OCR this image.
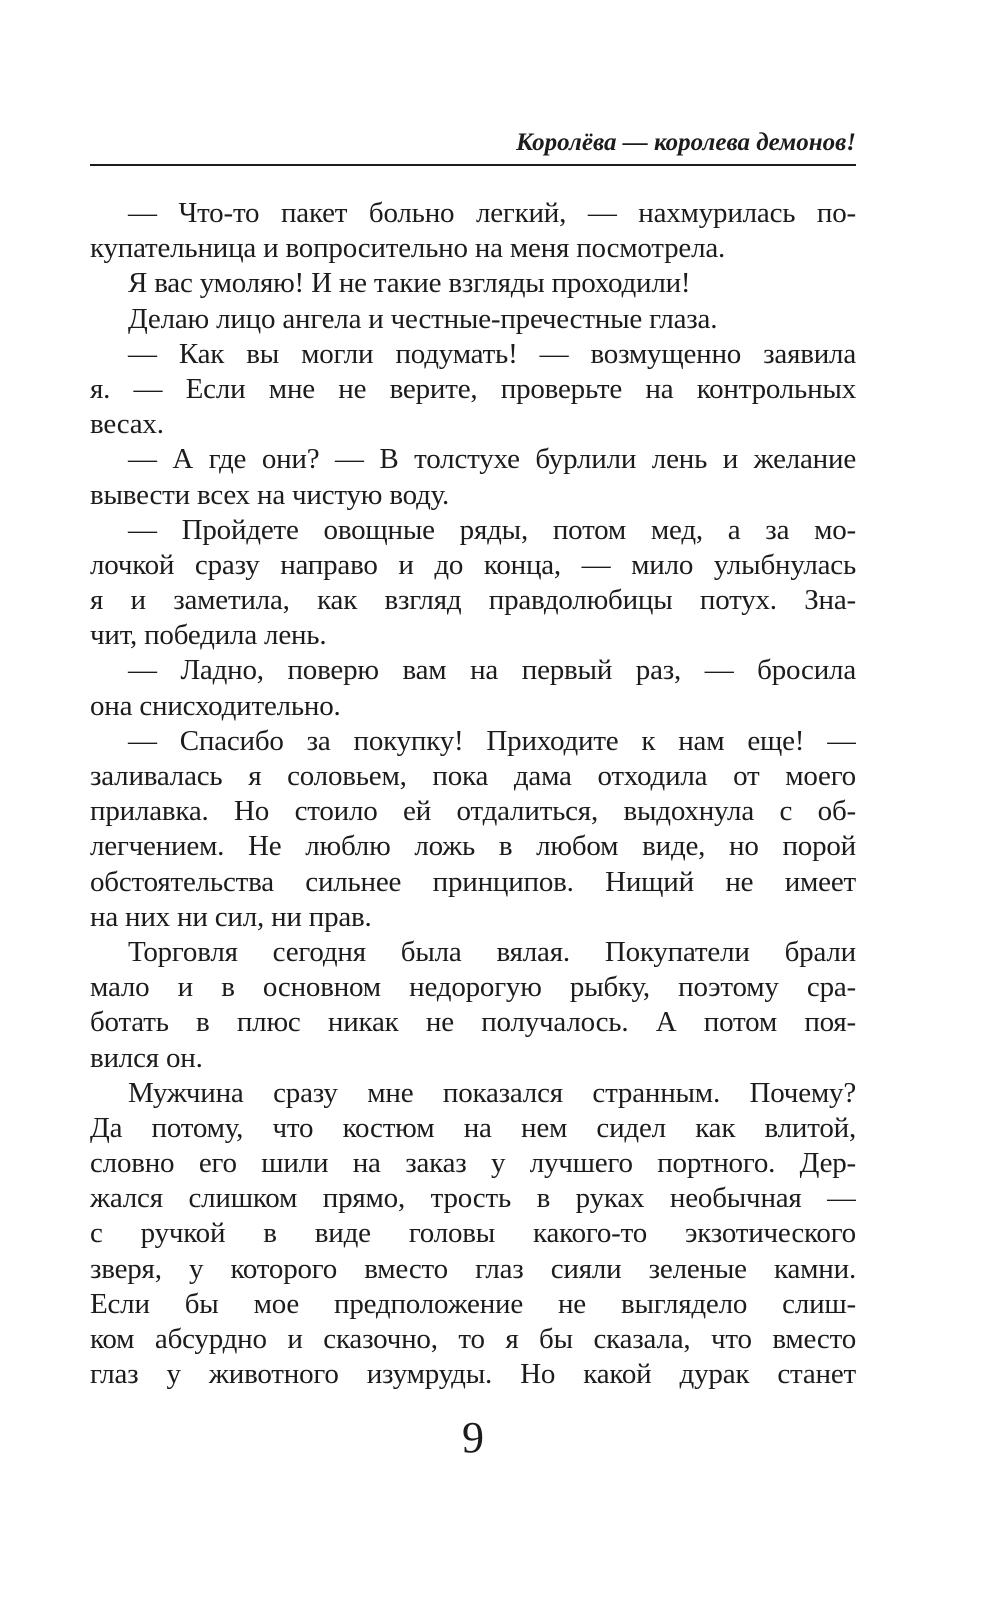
Королёва — королева демонов!
— Что-то пакет больно легкий, — нахмурилась по-
купательница и вопросительно на меня посмотрела.
Я вас умоляю! И не такие взгляды проходили!
Делаю лицо ангела и честные-пречестные глаза.
— Как вы могли подумать! — возмущенно заявила
я. — Если мне не верите, проверьте на контрольных
весах.
— А где они? — В толстухе бурлили лень и желание
вывести всех на чистую воду.
— Пройдете овощные ряды, потом мед, а за мо-
лочкой сразу направо и до конца, — мило улыбнулась
я и заметила, как взгляд правдолюбицы потух. Зна-
чит, победила лень.
— Ладно, поверю вам на первый раз, — бросила
она снисходительно.
— Спасибо за покупку! Приходите к нам еще! —
заливалась я соловьем, пока дама отходила от моего
прилавка. Но стоило ей отдалиться, выдохнула с об-
легчением. Не люблю ложь в любом виде, но порой
обстоятельства сильнее принципов. Нищий не имеет
на них ни сил, ни прав.
Торговля сегодня была вялая. Покупатели брали
мало и в основном недорогую рыбку, поэтому сра-
ботать в плюс никак не получалось. А потом поя-
вился он.
Мужчина сразу мне показался странным. Почему?
Да потому, что костюм на нем сидел как влитой,
словно его шили на заказ у лучшего портного. Дер-
жался слишком прямо, трость в руках необычная —
с ручкой в виде головы какого-то экзотического
зверя, у которого вместо глаз сияли зеленые камни.
Если бы мое предположение не выглядело слиш-
ком абсурдно и сказочно, то я бы сказала, что вместо
глаз у животного изумруды. Но какой дурак станет
9
